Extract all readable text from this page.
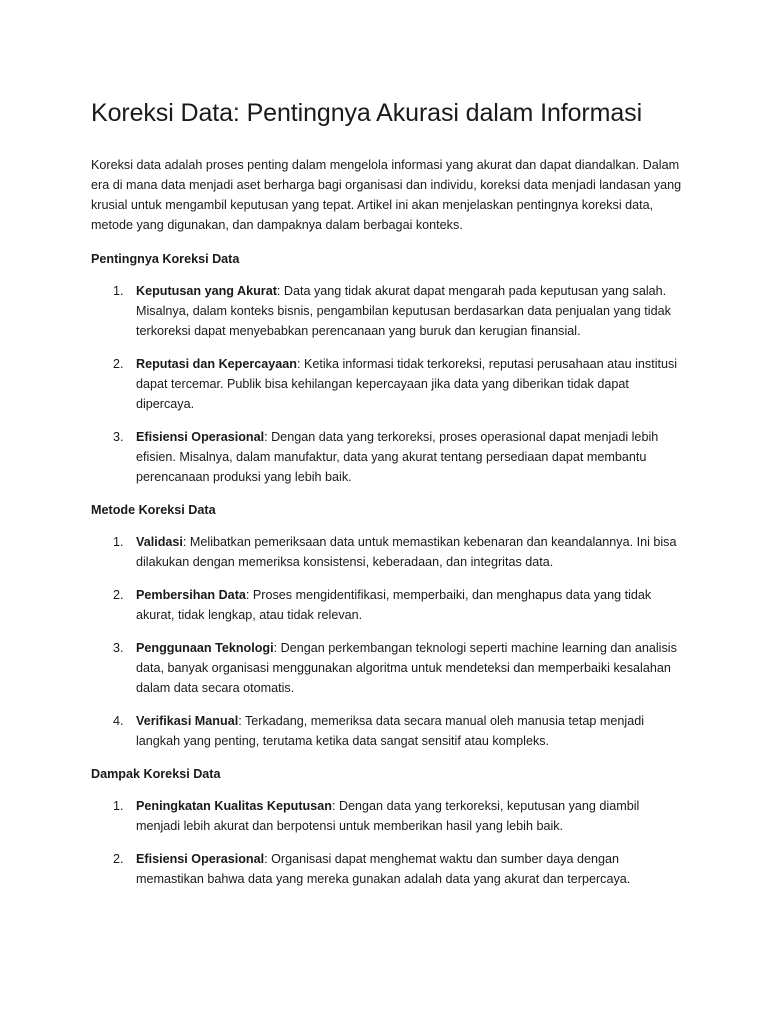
Koreksi Data: Pentingnya Akurasi dalam Informasi

Koreksi data adalah proses penting dalam mengelola informasi yang akurat dan dapat diandalkan. Dalam era di mana data menjadi aset berharga bagi organisasi dan individu, koreksi data menjadi landasan yang krusial untuk mengambil keputusan yang tepat. Artikel ini akan menjelaskan pentingnya koreksi data, metode yang digunakan, dan dampaknya dalam berbagai konteks.

Pentingnya Koreksi Data

1. Keputusan yang Akurat: Data yang tidak akurat dapat mengarah pada keputusan yang salah. Misalnya, dalam konteks bisnis, pengambilan keputusan berdasarkan data penjualan yang tidak terkoreksi dapat menyebabkan perencanaan yang buruk dan kerugian finansial.
2. Reputasi dan Kepercayaan: Ketika informasi tidak terkoreksi, reputasi perusahaan atau institusi dapat tercemar. Publik bisa kehilangan kepercayaan jika data yang diberikan tidak dapat dipercaya.
3. Efisiensi Operasional: Dengan data yang terkoreksi, proses operasional dapat menjadi lebih efisien. Misalnya, dalam manufaktur, data yang akurat tentang persediaan dapat membantu perencanaan produksi yang lebih baik.

Metode Koreksi Data

1. Validasi: Melibatkan pemeriksaan data untuk memastikan kebenaran dan keandalannya. Ini bisa dilakukan dengan memeriksa konsistensi, keberadaan, dan integritas data.
2. Pembersihan Data: Proses mengidentifikasi, memperbaiki, dan menghapus data yang tidak akurat, tidak lengkap, atau tidak relevan.
3. Penggunaan Teknologi: Dengan perkembangan teknologi seperti machine learning dan analisis data, banyak organisasi menggunakan algoritma untuk mendeteksi dan memperbaiki kesalahan dalam data secara otomatis.
4. Verifikasi Manual: Terkadang, memeriksa data secara manual oleh manusia tetap menjadi langkah yang penting, terutama ketika data sangat sensitif atau kompleks.

Dampak Koreksi Data

1. Peningkatan Kualitas Keputusan: Dengan data yang terkoreksi, keputusan yang diambil menjadi lebih akurat dan berpotensi untuk memberikan hasil yang lebih baik.
2. Efisiensi Operasional: Organisasi dapat menghemat waktu dan sumber daya dengan memastikan bahwa data yang mereka gunakan adalah data yang akurat dan terpercaya.
